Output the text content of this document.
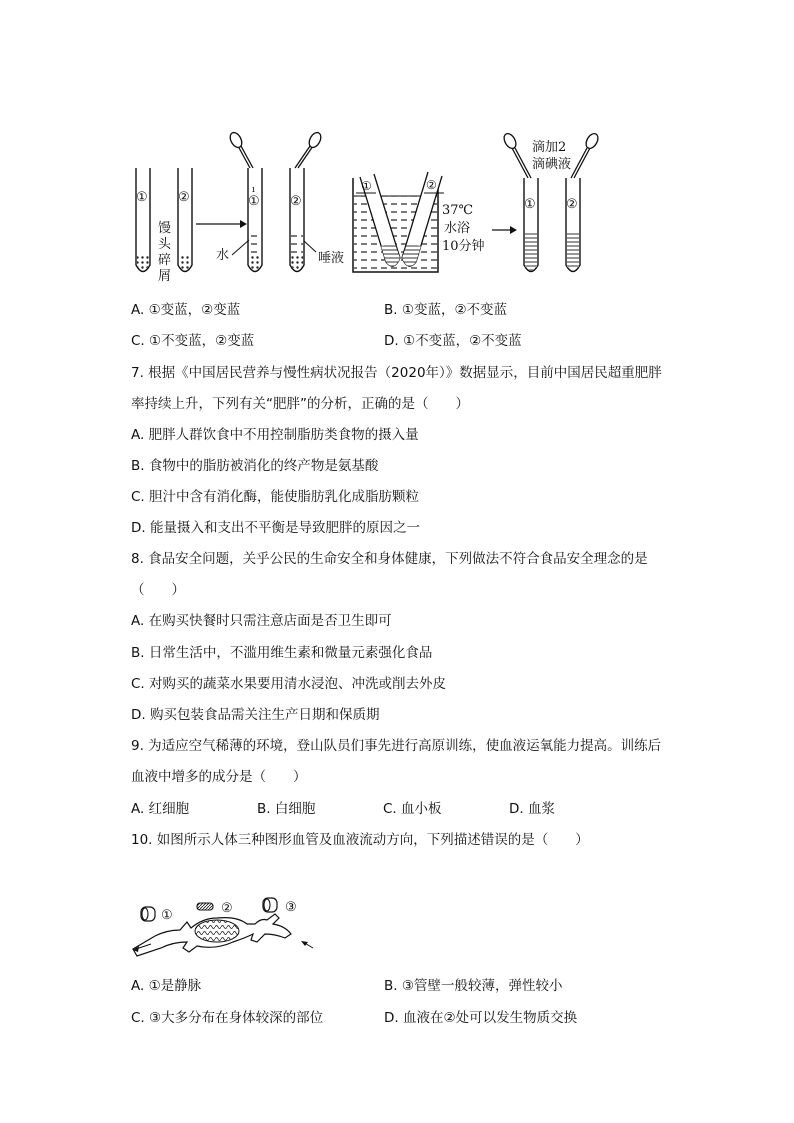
① ②
馒
头
碎
屑
①
ı
②
水	唾液
①	②
37℃
水浴
10分钟
① ②
滴加2
滴碘液
A. ①变蓝，②变蓝	B. ①变蓝，②不变蓝
C. ①不变蓝，②变蓝	D. ①不变蓝，②不变蓝
7. 根据《中国居民营养与慢性病状况报告（2020年）》数据显示，目前中国居民超重肥胖
率持续上升，下列有关“肥胖”的分析，正确的是（　　）
A. 肥胖人群饮食中不用控制脂肪类食物的摄入量
B. 食物中的脂肪被消化的终产物是氨基酸
C. 胆汁中含有消化酶，能使脂肪乳化成脂肪颗粒
D. 能量摄入和支出不平衡是导致肥胖的原因之一
8. 食品安全问题，关乎公民的生命安全和身体健康，下列做法不符合食品安全理念的是
（　　）
A. 在购买快餐时只需注意店面是否卫生即可
B. 日常生活中，不滥用维生素和微量元素强化食品
C. 对购买的蔬菜水果要用清水浸泡、冲洗或削去外皮
D. 购买包装食品需关注生产日期和保质期
9. 为适应空气稀薄的环境，登山队员们事先进行高原训练，使血液运氧能力提高。训练后
血液中增多的成分是（　　）
A. 红细胞	B. 白细胞	C. 血小板	D. 血浆
10. 如图所示人体三种图形血管及血液流动方向，下列描述错误的是（　　）
①	②	③
A. ①是静脉	B. ③管壁一般较薄，弹性较小
C. ③大多分布在身体较深的部位	D. 血液在②处可以发生物质交换
